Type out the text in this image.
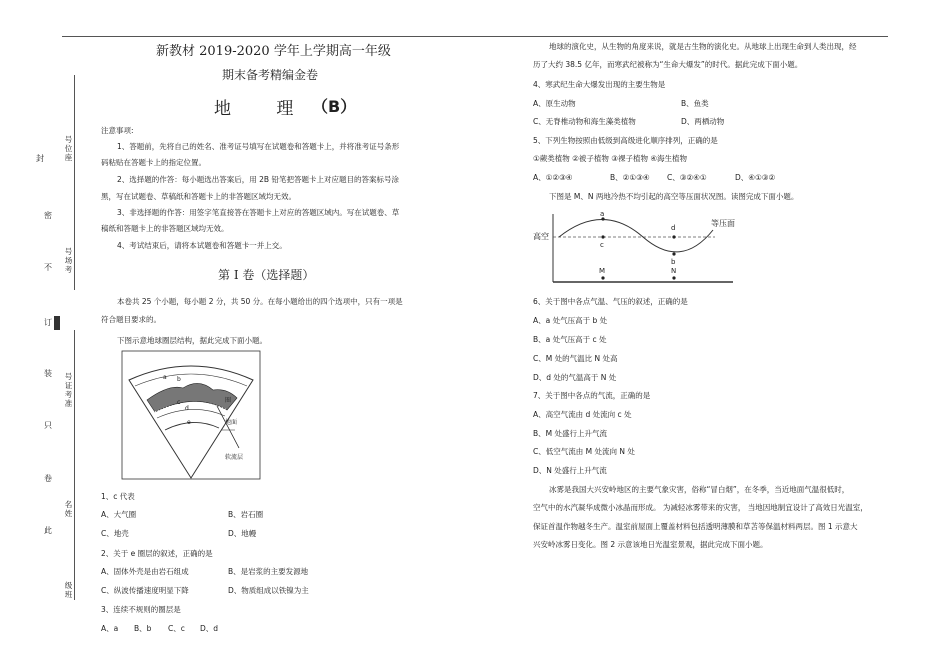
封
密
不
订
装
只
卷
此
号位座
号场考
号证考准
名姓
级班
新教材 2019-2020 学年上学期高一年级
期末备考精编金卷
地 理
（B）
注意事项:
1、答题前，先将自己的姓名、准考证号填写在试题卷和答题卡上，并将准考证号条形
码粘贴在答题卡上的指定位置。
2、选择题的作答：每小题选出答案后，用 2B 铅笔把答题卡上对应题目的答案标号涂
黑，写在试题卷、草稿纸和答题卡上的非答题区域均无效。
3、非选择题的作答：用签字笔直接答在答题卡上对应的答题区域内。写在试题卷、草
稿纸和答题卡上的非答题区域均无效。
4、考试结束后，请将本试题卷和答题卡一并上交。
第 I 卷（选择题）
本卷共 25 个小题，每小题 2 分，共 50 分。在每小题给出的四个选项中，只有一项是
符合题目要求的。
下图示意地球圈层结构，据此完成下面小题。
a b
c
d
e
圈
地面
软流层
1、c 代表
A、大气圈	B、岩石圈
C、地壳	D、地幔
2、关于 e 圈层的叙述，正确的是
A、固体外壳是由岩石组成	B、是岩浆的主要发源地
C、纵波传播速度明显下降	D、物质组成以铁镍为主
3、连续不规则的圈层是
A、a B、b C、c D、d
地球的演化史，从生物的角度来说，就是古生物的演化史。从地球上出现生命到人类出现，经
历了大约 38.5 亿年，而寒武纪被称为“生命大爆发”的时代。据此完成下面小题。
4、寒武纪生命大爆发出现的主要生物是
A、原生动物	B、鱼类
C、无脊椎动物和海生藻类植物	D、两栖动物
5、下列生物按照由低级到高级进化顺序排列，正确的是
①蕨类植物 ②被子植物 ③裸子植物 ④海生植物
A、①②③④	B、②①③④ C、③②④①	D、④①③②
下图是 M、N 两地冷热不均引起的高空等压面状况图。读图完成下面小题。
高空
等压面
a
c
d
b
M	N
6、关于图中各点气温、气压的叙述，正确的是
A、a 处气压高于 b 处
B、a 处气压高于 c 处
C、M 处的气温比 N 处高
D、d 处的气温高于 N 处
7、关于图中各点的气流，正确的是
A、高空气流由 d 处流向 c 处
B、M 处盛行上升气流
C、低空气流由 M 处流向 N 处
D、N 处盛行上升气流
冰雾是我国大兴安岭地区的主要气象灾害，俗称“冒白烟”，在冬季，当近地面气温很低时，
空气中的水汽凝华成微小冰晶而形成。 为减轻冰雾带来的灾害， 当地因地制宜设计了高效日光温室，
保证首温作物越冬生产。温室前屋面上覆盖材料包括透明薄膜和草苫等保温材料两层。图 1 示意大
兴安岭冰雾日变化。图 2 示意该地日光温室景观，据此完成下面小题。
